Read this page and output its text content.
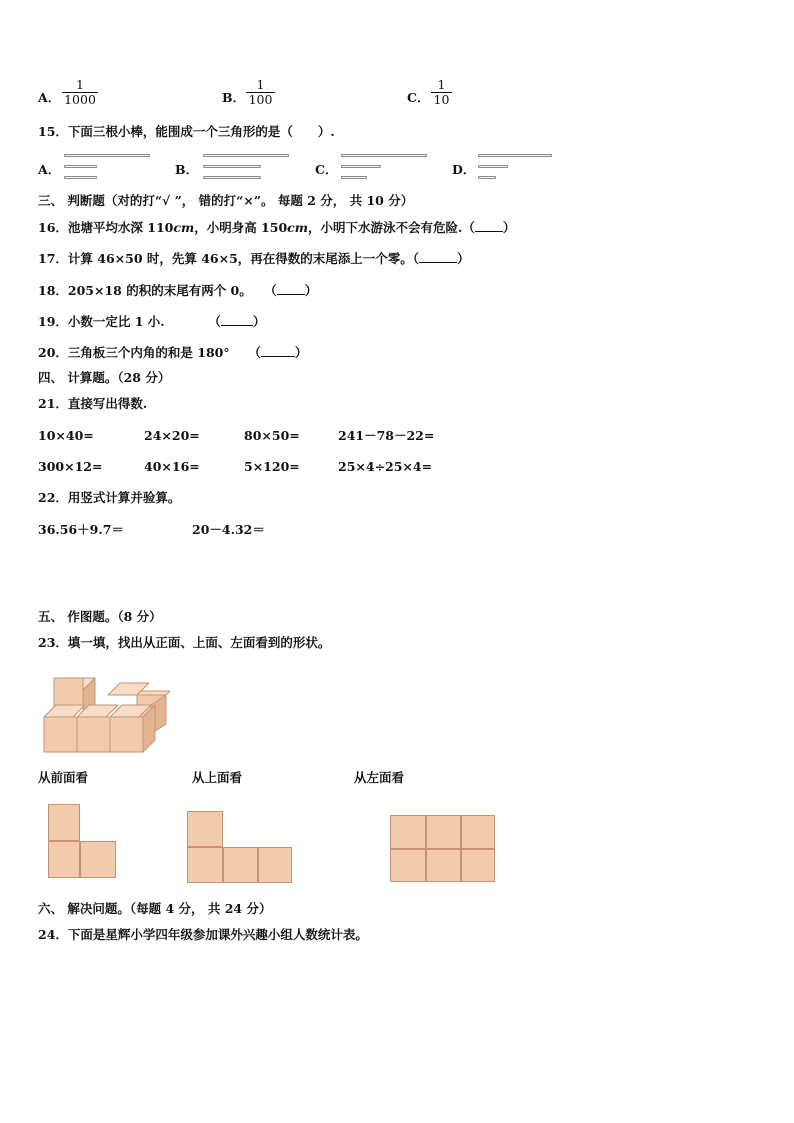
A．
1
1000	B．
1
100	C．
1
10
15．下面三根小棒，能围成一个三角形的是（　　）.
A．	B．	C．	D．
三、 判断题（对的打“√ ”， 错的打“×”。 每题 2 分， 共 10 分）
16．池塘平均水深 110cm，小明身高 150cm，小明下水游泳不会有危险.（ ）
17．计算 46×50 时，先算 46×5，再在得数的末尾添上一个零。（	）
18．205×18 的积的末尾有两个 0。　　（ ）
19．小数一定比 1 小.　　　　（	）
20．三角板三个内角的和是 180°　　（	）
四、 计算题。（28 分）
21．直接写出得数.
10×40=	24×20=	80×50=	241－78－22=
300×12=	40×16=	5×120=	25×4÷25×4=
22．用竖式计算并验算。
36.56＋9.7＝	20－4.32＝
五、 作图题。（8 分）
23．填一填，找出从正面、上面、左面看到的形状。
从前面看	从上面看	从左面看
六、 解决问题。（每题 4 分， 共 24 分）
24．下面是星辉小学四年级参加课外兴趣小组人数统计表。
